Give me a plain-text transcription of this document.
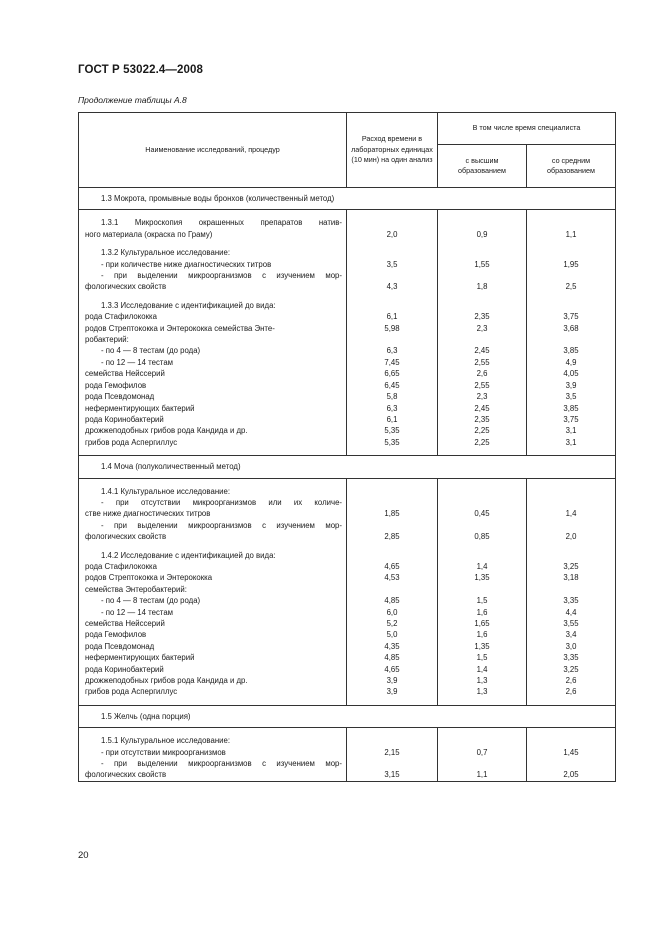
ГОСТ Р 53022.4—2008
Продолжение таблицы А.8
Наименование исследований, процедур	Расход времени в лабораторных единицах (10 мин) на один анализ	В том числе время специалиста	
		с высшим образованием	со средним образованием
1.3 Мокрота, промывные воды бронхов (количественный метод)			

1.3.1 Микроскопия окрашенных препаратов натив-
ного материала (окраска по Граму)	2,0	0,9	1,1

1.3.2 Культуральное исследование:			

- при количестве ниже диагностических титров	3,5	1,55	1,95

- при выделении микроорганизмов с изучением мор-
фологических свойств	4,3	1,8	2,5

1.3.3 Исследование с идентификацией до вида:			

рода Стафилококка	6,1	2,35	3,75

родов Стрептококка и Энтерококка семейства Энте-	5,98	2,3	3,68

робактерий:			

- по 4 — 8 тестам (до рода)	6,3	2,45	3,85

- по 12 — 14 тестам	7,45	2,55	4,9

семейства Нейссерий	6,65	2,6	4,05

рода Гемофилов	6,45	2,55	3,9

рода Псевдомонад	5,8	2,3	3,5

неферментирующих бактерий	6,3	2,45	3,85

рода Коринобактерий	6,1	2,35	3,75

дрожжеподобных грибов рода Кандида и др.	5,35	2,25	3,1

грибов рода Аспергиллус	5,35	2,25	3,1

1.4 Моча (полуколичественный метод)			

1.4.1 Культуральное исследование:			

- при отсутствии микроорганизмов или их количе-
стве ниже диагностических титров	1,85	0,45	1,4

- при выделении микроорганизмов с изучением мор-
фологических свойств	2,85	0,85	2,0

1.4.2 Исследование с идентификацией до вида:			

рода Стафилококка	4,65	1,4	3,25

родов Стрептококка и Энтерококка	4,53	1,35	3,18

семейства Энтеробактерий:			

- по 4 — 8 тестам (до рода)	4,85	1,5	3,35

- по 12 — 14 тестам	6,0	1,6	4,4

семейства Нейссерий	5,2	1,65	3,55

рода Гемофилов	5,0	1,6	3,4

рода Псевдомонад	4,35	1,35	3,0

неферментирующих бактерий	4,85	1,5	3,35

рода Коринобактерий	4,65	1,4	3,25

дрожжеподобных грибов рода Кандида и др.	3,9	1,3	2,6

грибов рода Аспергиллус	3,9	1,3	2,6

1.5 Желчь (одна порция)			

1.5.1 Культуральное исследование:			

- при отсутствии микроорганизмов	2,15	0,7	1,45

- при выделении микроорганизмов с изучением мор-
фологических свойств	3,15	1,1	2,05
20
